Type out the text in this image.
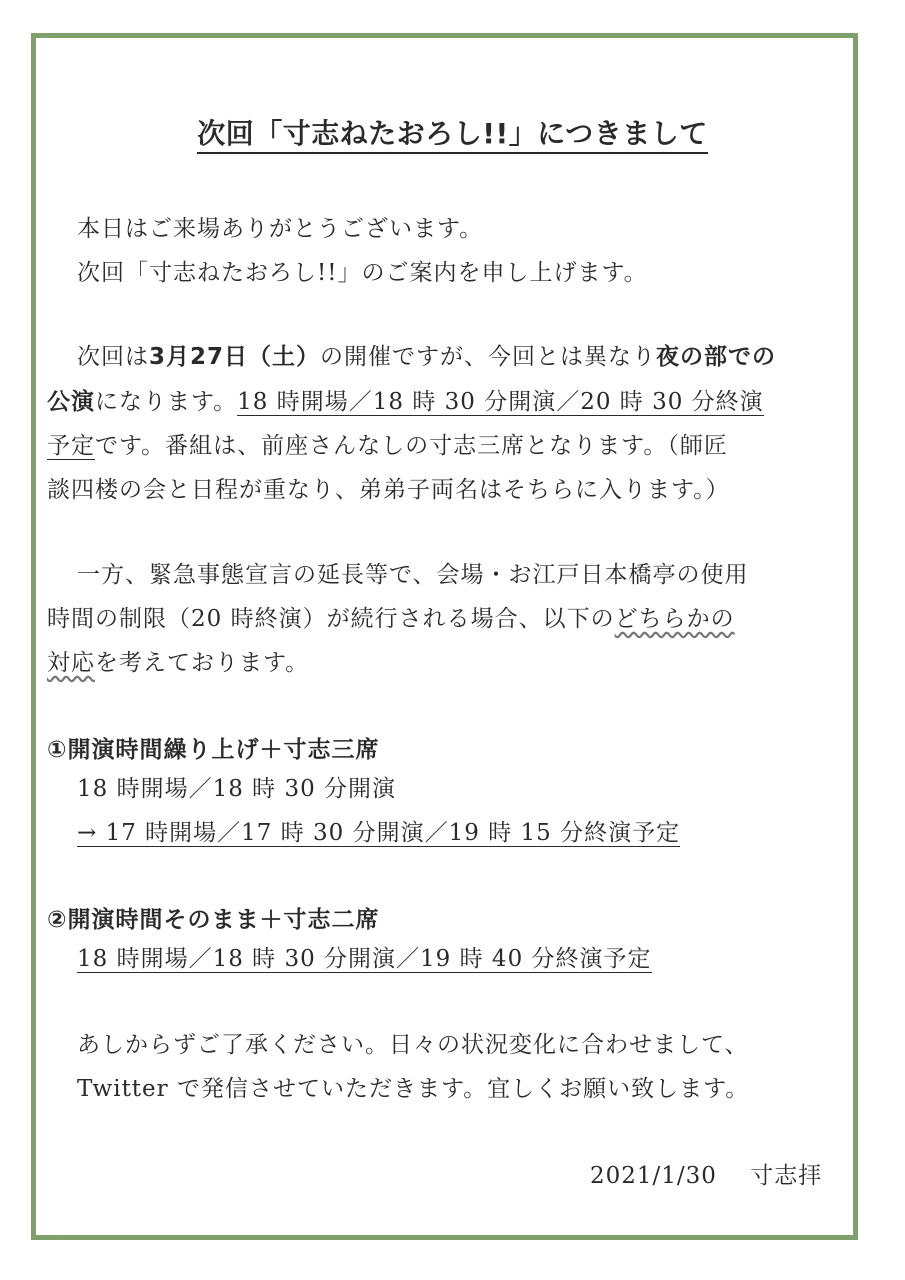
次回「寸志ねたおろし!!」につきまして
本日はご来場ありがとうございます。
次回「寸志ねたおろし!!」のご案内を申し上げます。
次回は3月27日（土）の開催ですが、今回とは異なり夜の部での
公演になります。18 時開場／18 時 30 分開演／20 時 30 分終演
予定です。番組は、前座さんなしの寸志三席となります。（師匠
談四楼の会と日程が重なり、弟弟子両名はそちらに入ります。）
一方、緊急事態宣言の延長等で、会場・お江戸日本橋亭の使用
時間の制限（20 時終演）が続行される場合、以下のどちらかの
対応を考えております。
①開演時間繰り上げ＋寸志三席
18 時開場／18 時 30 分開演
→ 17 時開場／17 時 30 分開演／19 時 15 分終演予定
②開演時間そのまま＋寸志二席
18 時開場／18 時 30 分開演／19 時 40 分終演予定
あしからずご了承ください。日々の状況変化に合わせまして、
Twitter で発信させていただきます。宜しくお願い致します。
2021/1/30 寸志拝
